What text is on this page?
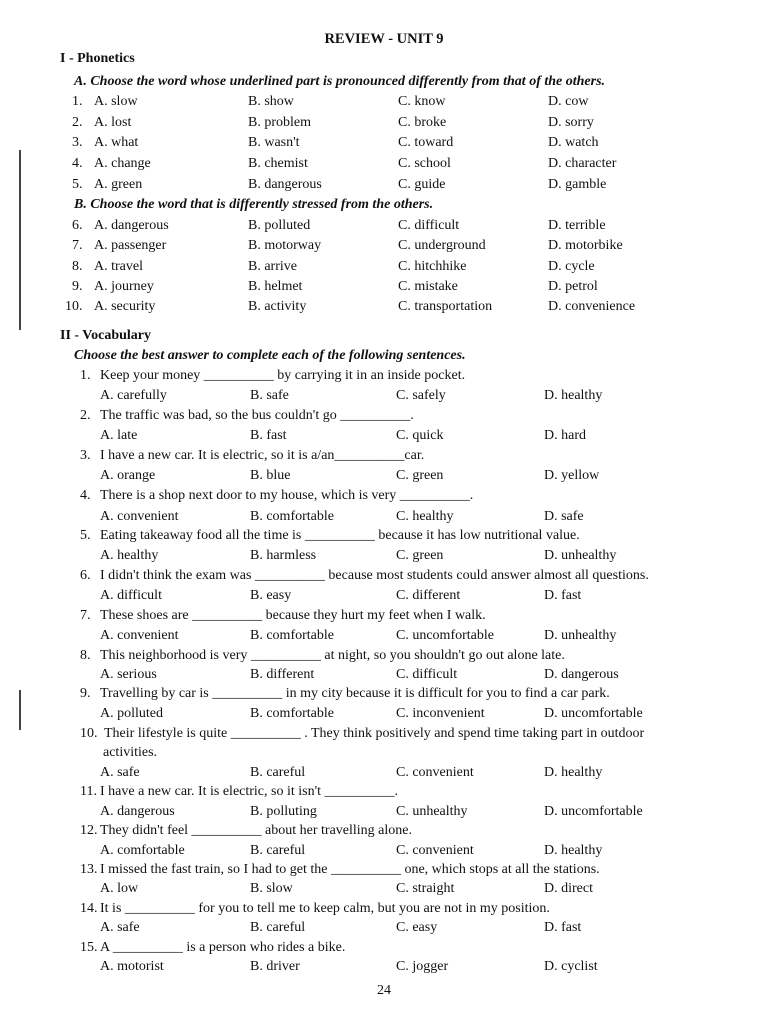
REVIEW - UNIT 9
I - Phonetics
A. Choose the word whose underlined part is pronounced differently from that of the others.
1. A. slow	B. show	C. know	D. cow
2. A. lost	B. problem	C. broke	D. sorry
3. A. what	B. wasn't	C. toward	D. watch
4. A. change	B. chemist	C. school	D. character
5. A. green	B. dangerous	C. guide	D. gamble
B. Choose the word that is differently stressed from the others.
6. A. dangerous	B. polluted	C. difficult	D. terrible
7. A. passenger	B. motorway	C. underground	D. motorbike
8. A. travel	B. arrive	C. hitchhike	D. cycle
9. A. journey	B. helmet	C. mistake	D. petrol
10. A. security	B. activity	C. transportation	D. convenience
II - Vocabulary
Choose the best answer to complete each of the following sentences.
1. Keep your money __________ by carrying it in an inside pocket.
A. carefully	B. safe	C. safely	D. healthy
2. The traffic was bad, so the bus couldn't go __________.
A. late	B. fast	C. quick	D. hard
3. I have a new car. It is electric, so it is a/an__________car.
A. orange	B. blue	C. green	D. yellow
4. There is a shop next door to my house, which is very __________.
A. convenient	B. comfortable	C. healthy	D. safe
5. Eating takeaway food all the time is __________ because it has low nutritional value.
A. healthy	B. harmless	C. green	D. unhealthy
6. I didn't think the exam was __________ because most students could answer almost all questions.
A. difficult	B. easy	C. different	D. fast
7. These shoes are __________ because they hurt my feet when I walk.
A. convenient	B. comfortable	C. uncomfortable	D. unhealthy
8. This neighborhood is very __________ at night, so you shouldn't go out alone late.
A. serious	B. different	C. difficult	D. dangerous
9. Travelling by car is __________ in my city because it is difficult for you to find a car park.
A. polluted	B. comfortable	C. inconvenient	D. uncomfortable
10. Their lifestyle is quite __________ . They think positively and spend time taking part in outdoor
activities.
A. safe	B. careful	C. convenient	D. healthy
11. I have a new car. It is electric, so it isn't __________.
A. dangerous	B. polluting	C. unhealthy	D. uncomfortable
12. They didn't feel __________ about her travelling alone.
A. comfortable	B. careful	C. convenient	D. healthy
13. I missed the fast train, so I had to get the __________ one, which stops at all the stations.
A. low	B. slow	C. straight	D. direct
14. It is __________ for you to tell me to keep calm, but you are not in my position.
A. safe	B. careful	C. easy	D. fast
15. A __________ is a person who rides a bike.
A. motorist	B. driver	C. jogger	D. cyclist
24
